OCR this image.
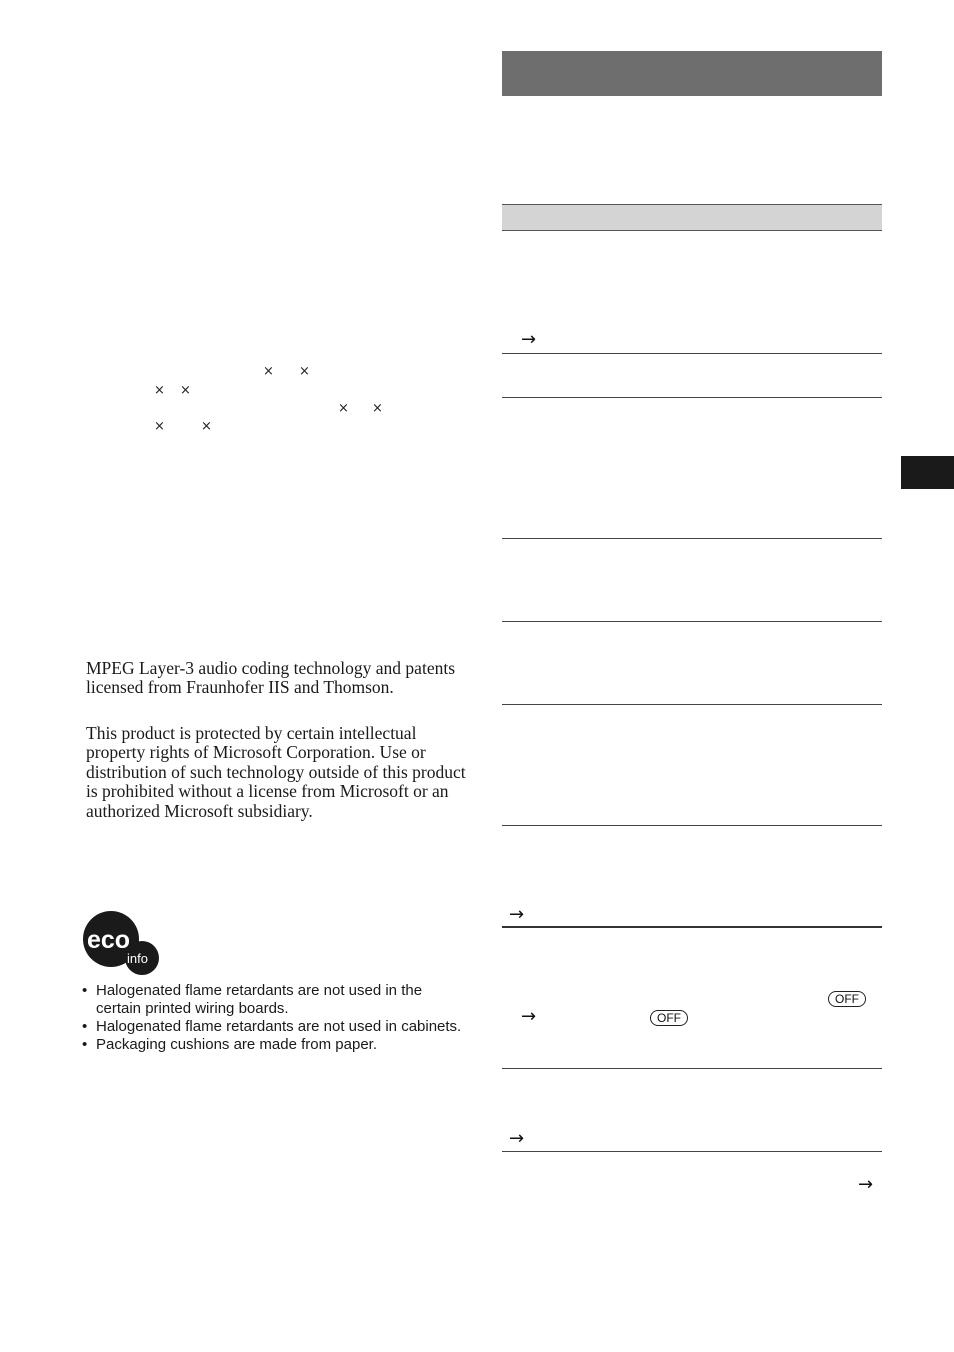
× ×
× ×
× ×
×	×

MPEG Layer-3 audio coding technology and patents licensed from Fraunhofer IIS and Thomson.

This product is protected by certain intellectual property rights of Microsoft Corporation. Use or distribution of such technology outside of this product is prohibited without a license from Microsoft or an authorized Microsoft subsidiary.

eco
info
• Halogenated flame retardants are not used in the certain printed wiring boards.
• Halogenated flame retardants are not used in cabinets.
• Packaging cushions are made from paper.
→
→
→
→
→
OFF
OFF
